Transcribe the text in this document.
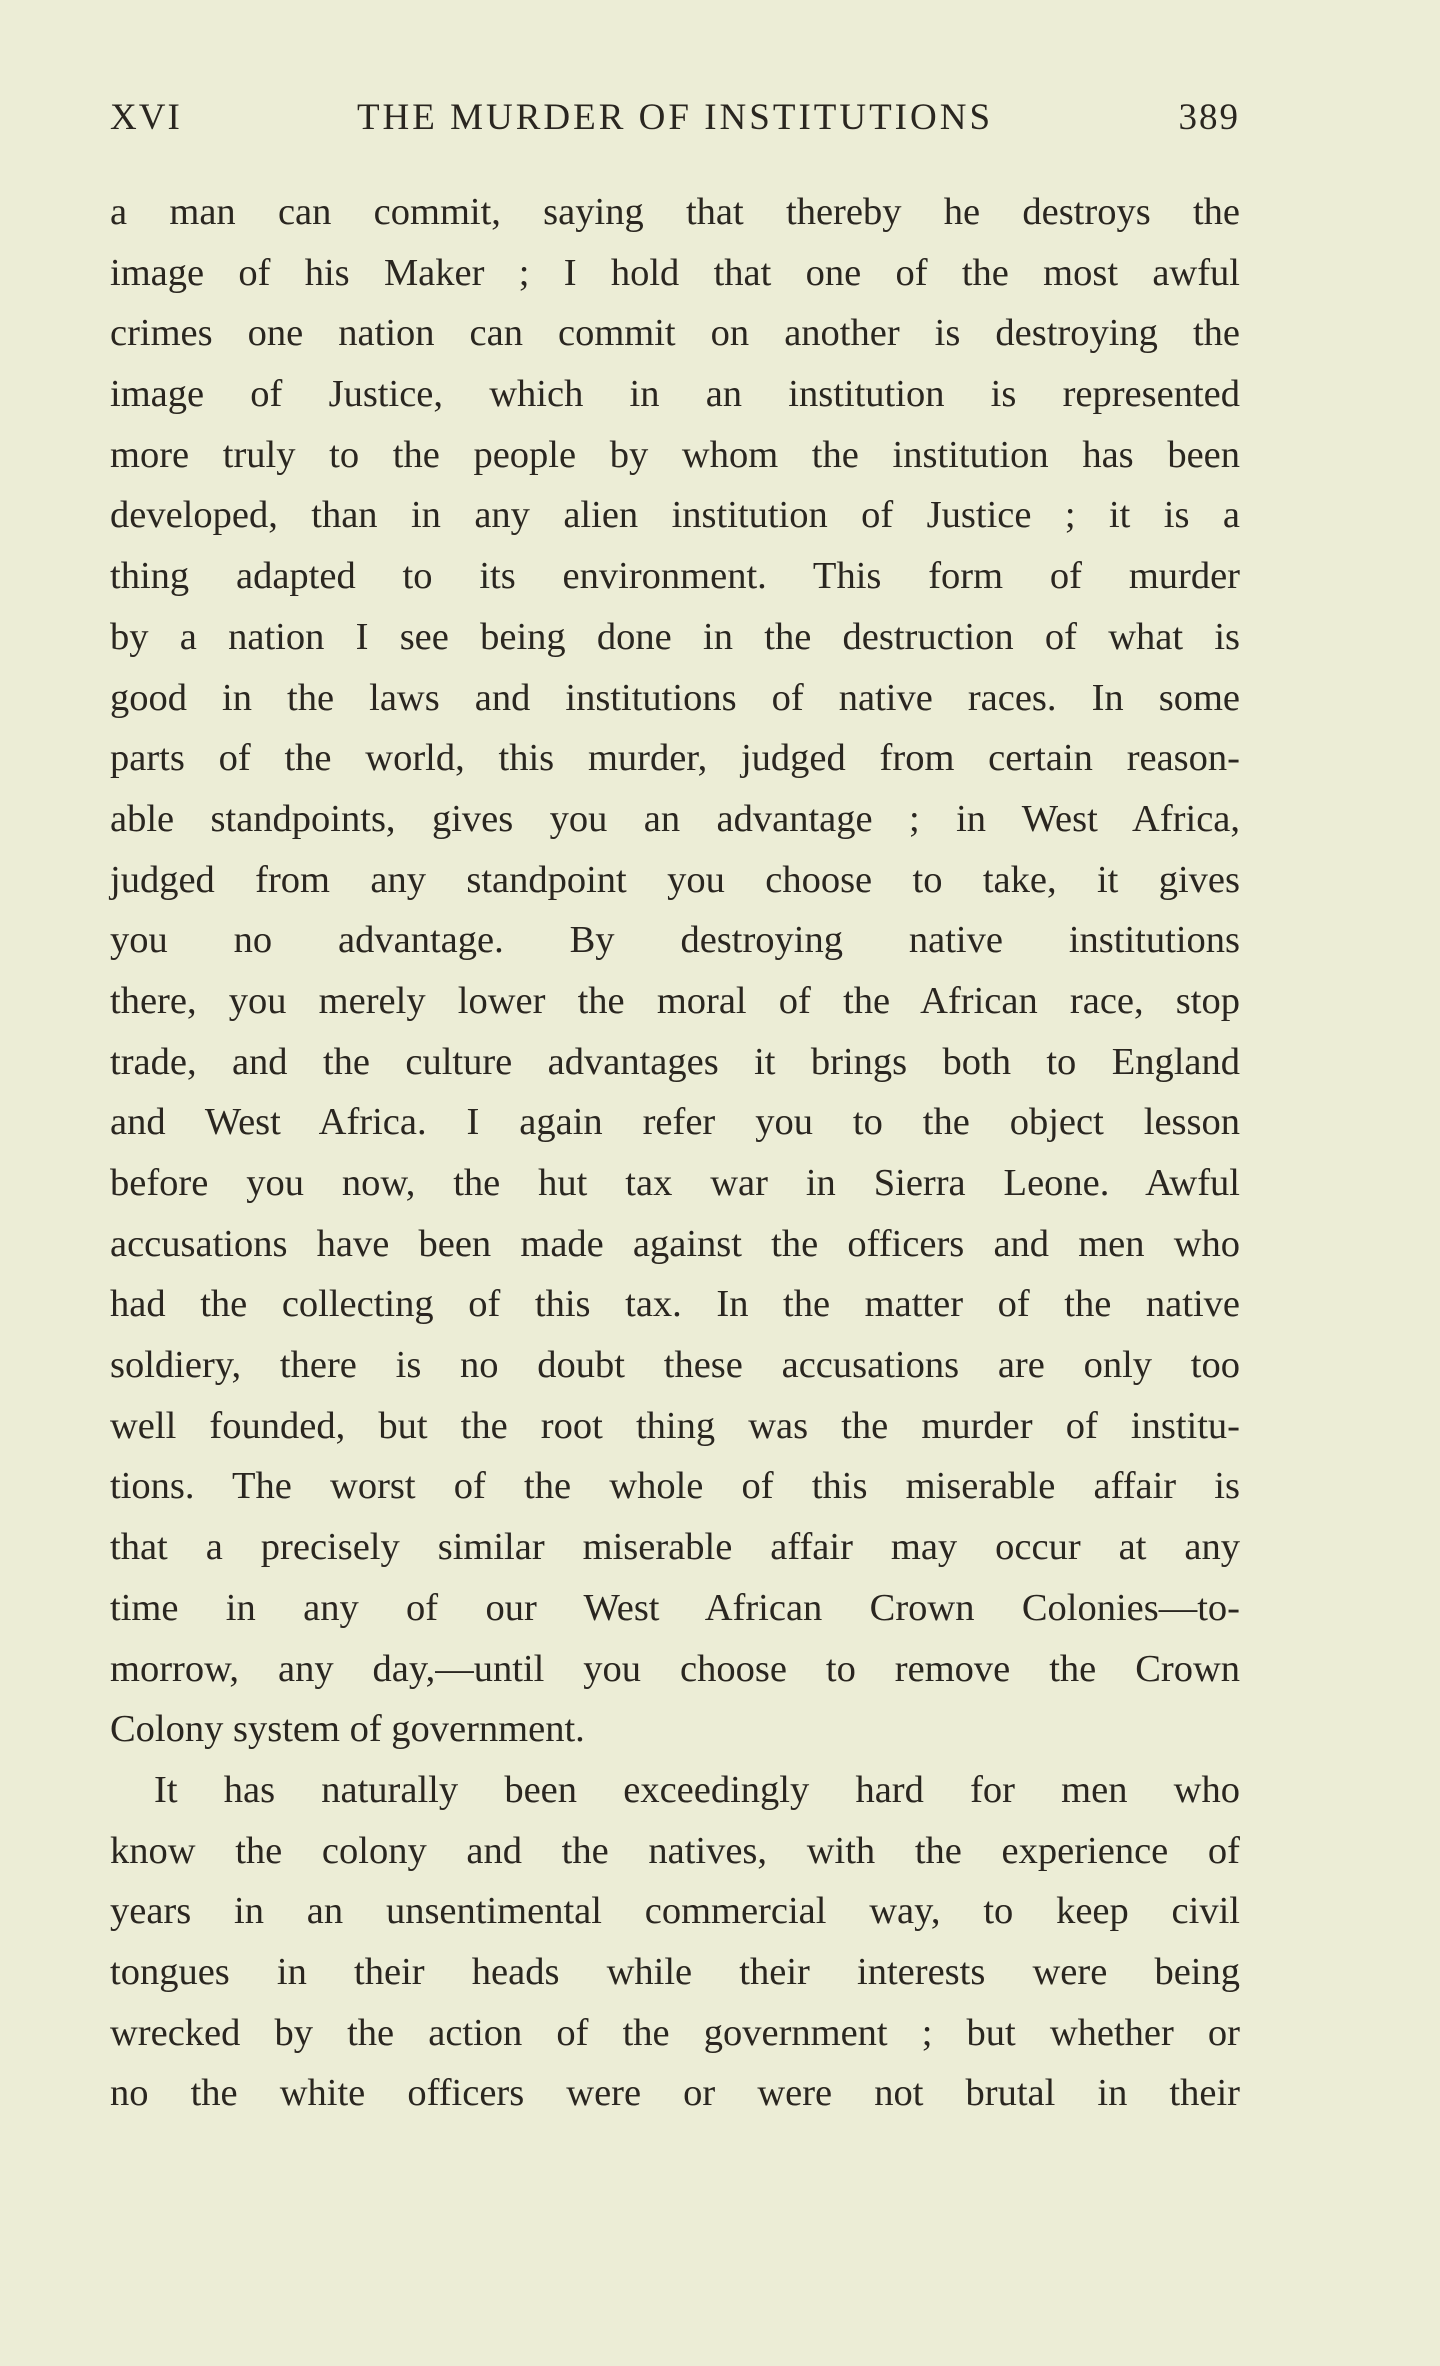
XVI	THE MURDER OF INSTITUTIONS	389
a man can commit, saying that thereby he destroys the
image of his Maker ; I hold that one of the most awful
crimes one nation can commit on another is destroying the
image of Justice, which in an institution is represented
more truly to the people by whom the institution has been
developed, than in any alien institution of Justice ; it is a
thing adapted to its environment. This form of murder
by a nation I see being done in the destruction of what is
good in the laws and institutions of native races. In some
parts of the world, this murder, judged from certain reason-
able standpoints, gives you an advantage ; in West Africa,
judged from any standpoint you choose to take, it gives
you no advantage. By destroying native institutions
there, you merely lower the moral of the African race, stop
trade, and the culture advantages it brings both to England
and West Africa. I again refer you to the object lesson
before you now, the hut tax war in Sierra Leone. Awful
accusations have been made against the officers and men who
had the collecting of this tax. In the matter of the native
soldiery, there is no doubt these accusations are only too
well founded, but the root thing was the murder of institu-
tions. The worst of the whole of this miserable affair is
that a precisely similar miserable affair may occur at any
time in any of our West African Crown Colonies—to-
morrow, any day,—until you choose to remove the Crown
Colony system of government.
It has naturally been exceedingly hard for men who
know the colony and the natives, with the experience of
years in an unsentimental commercial way, to keep civil
tongues in their heads while their interests were being
wrecked by the action of the government ; but whether or
no the white officers were or were not brutal in their
